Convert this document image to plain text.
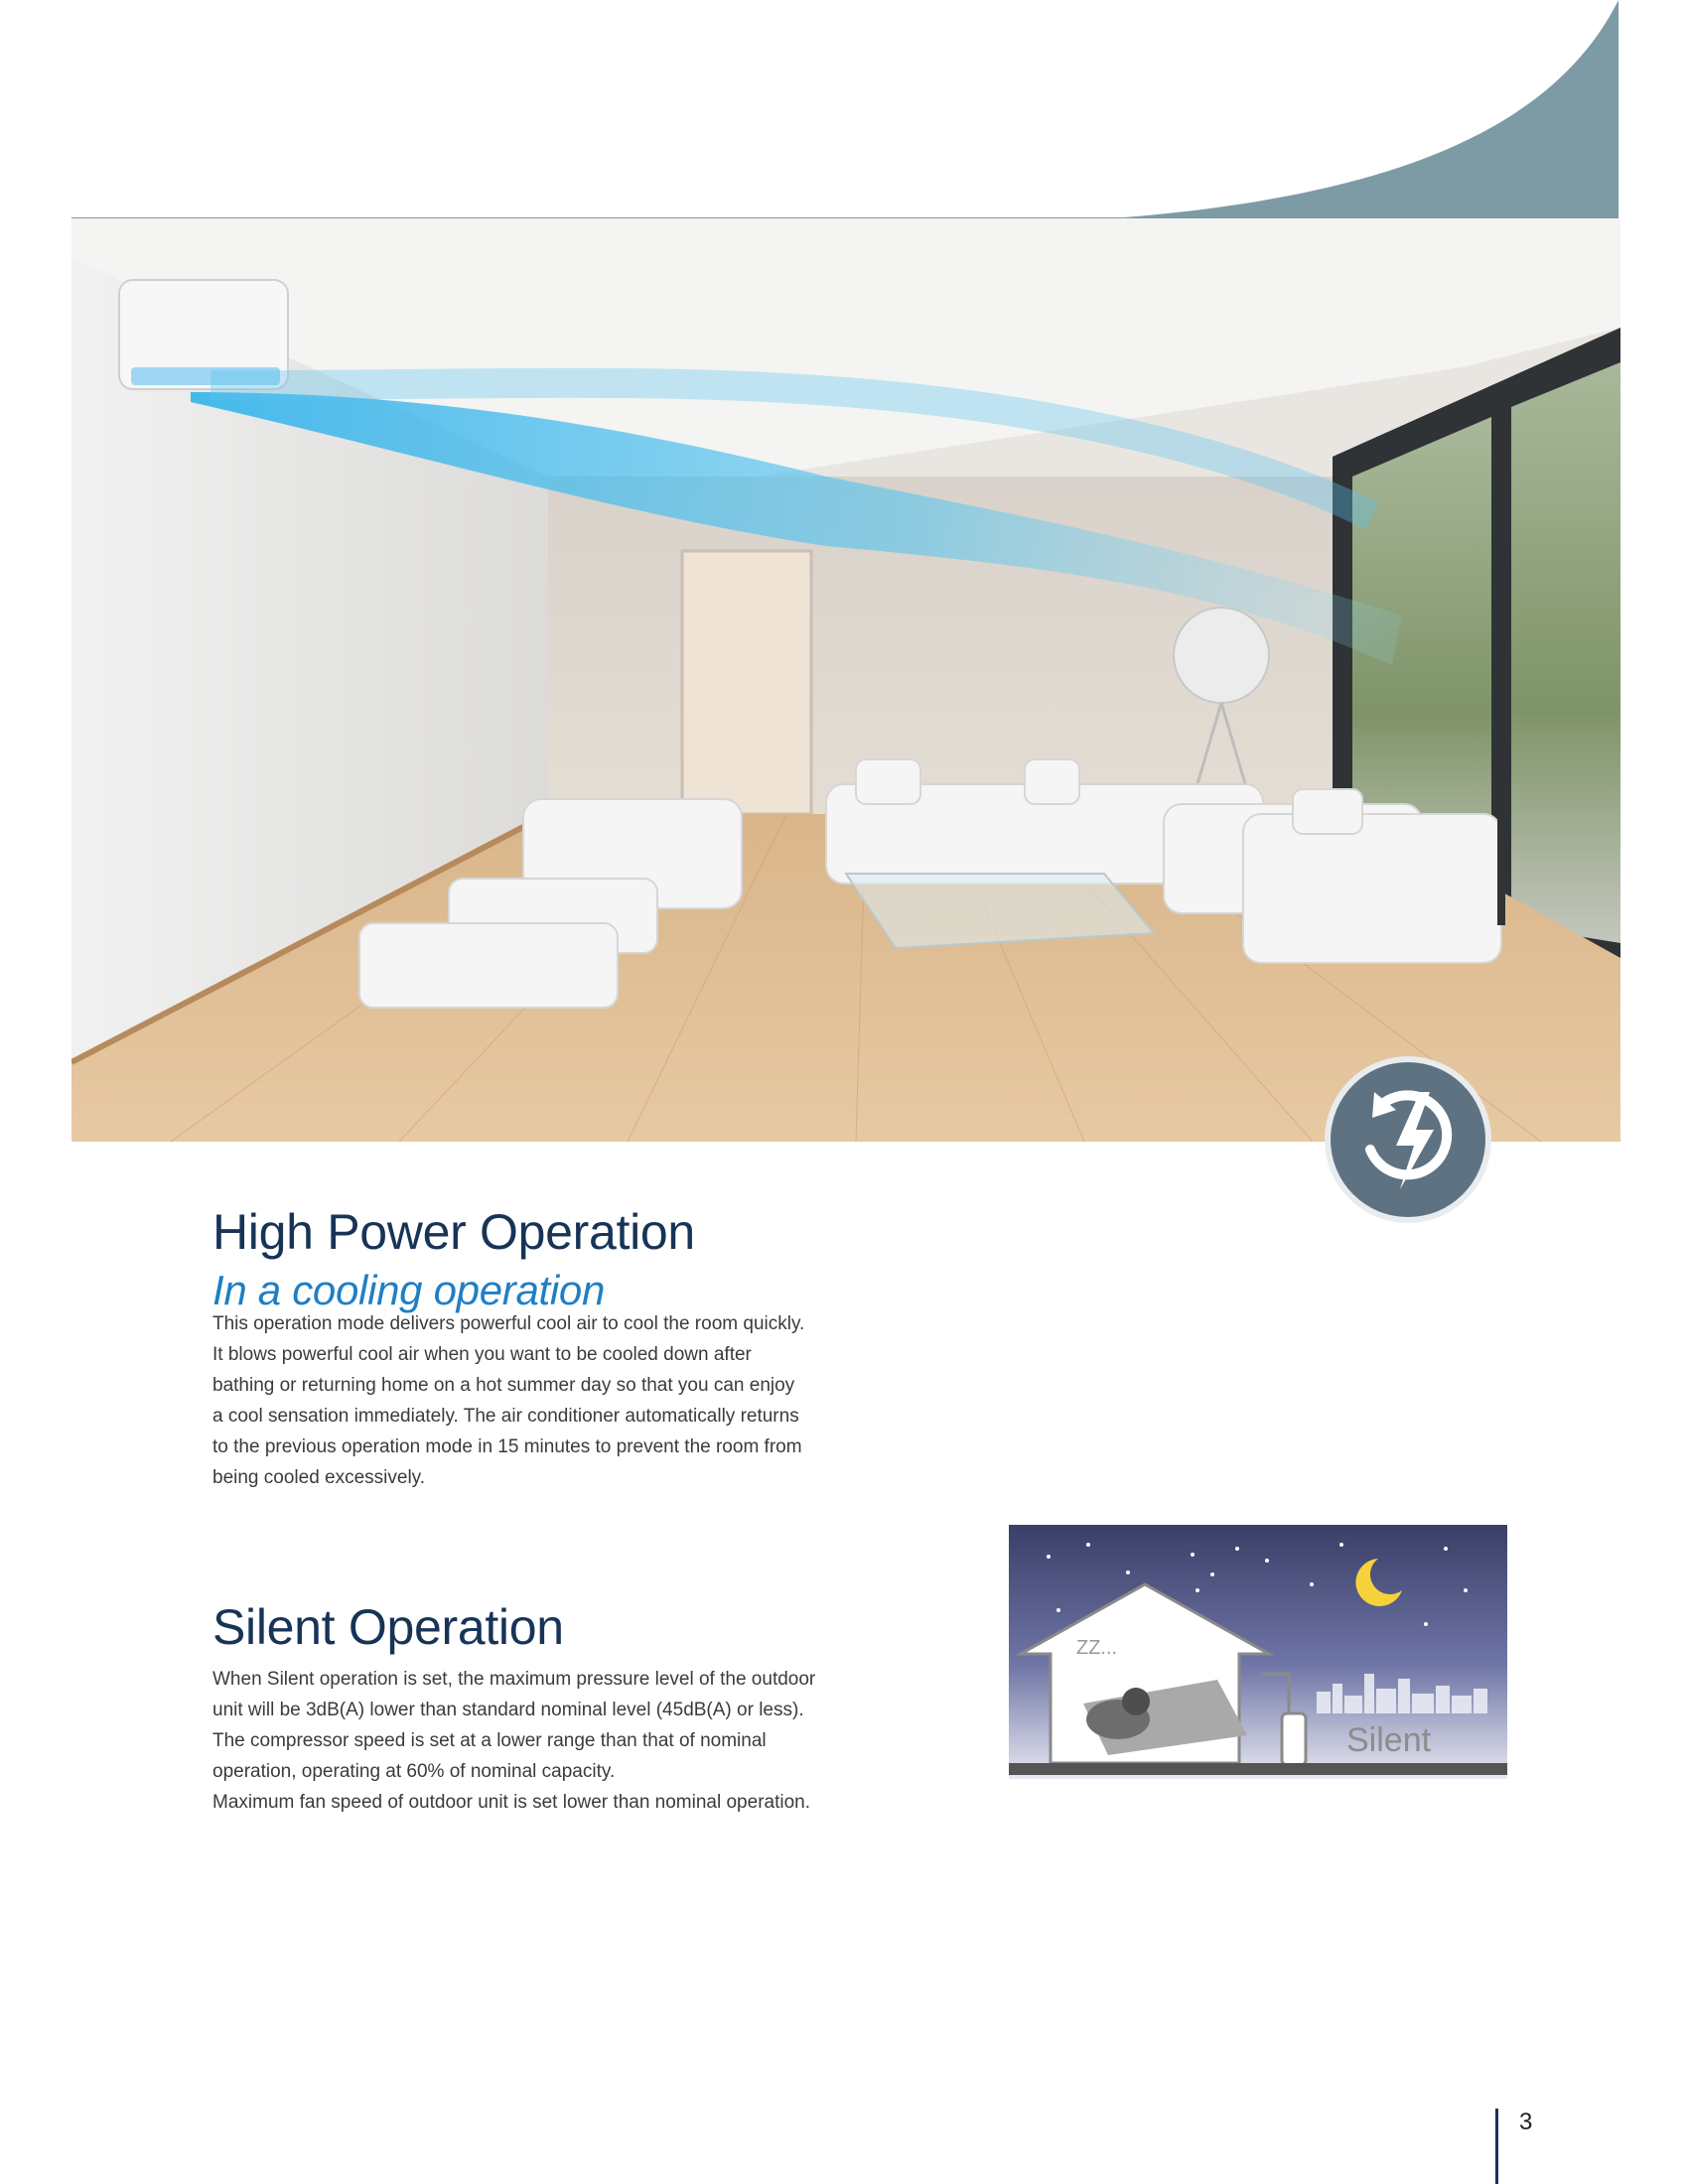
High Power Operation
In a cooling operation

This operation mode delivers powerful cool air to cool the room quickly.

It blows powerful cool air when you want to be cooled down after

bathing or returning home on a hot summer day so that you can enjoy

a cool sensation immediately. The air conditioner automatically returns

to the previous operation mode in 15 minutes to prevent the room from

being cooled excessively.

Silent Operation

When Silent operation is set, the maximum pressure level of the outdoor

unit will be 3dB(A) lower than standard nominal level (45dB(A) or less).

The compressor speed is set at a lower range than that of nominal

operation, operating at 60% of nominal capacity.

Maximum fan speed of outdoor unit is set lower than nominal operation.

ZZ...
Silent
3
